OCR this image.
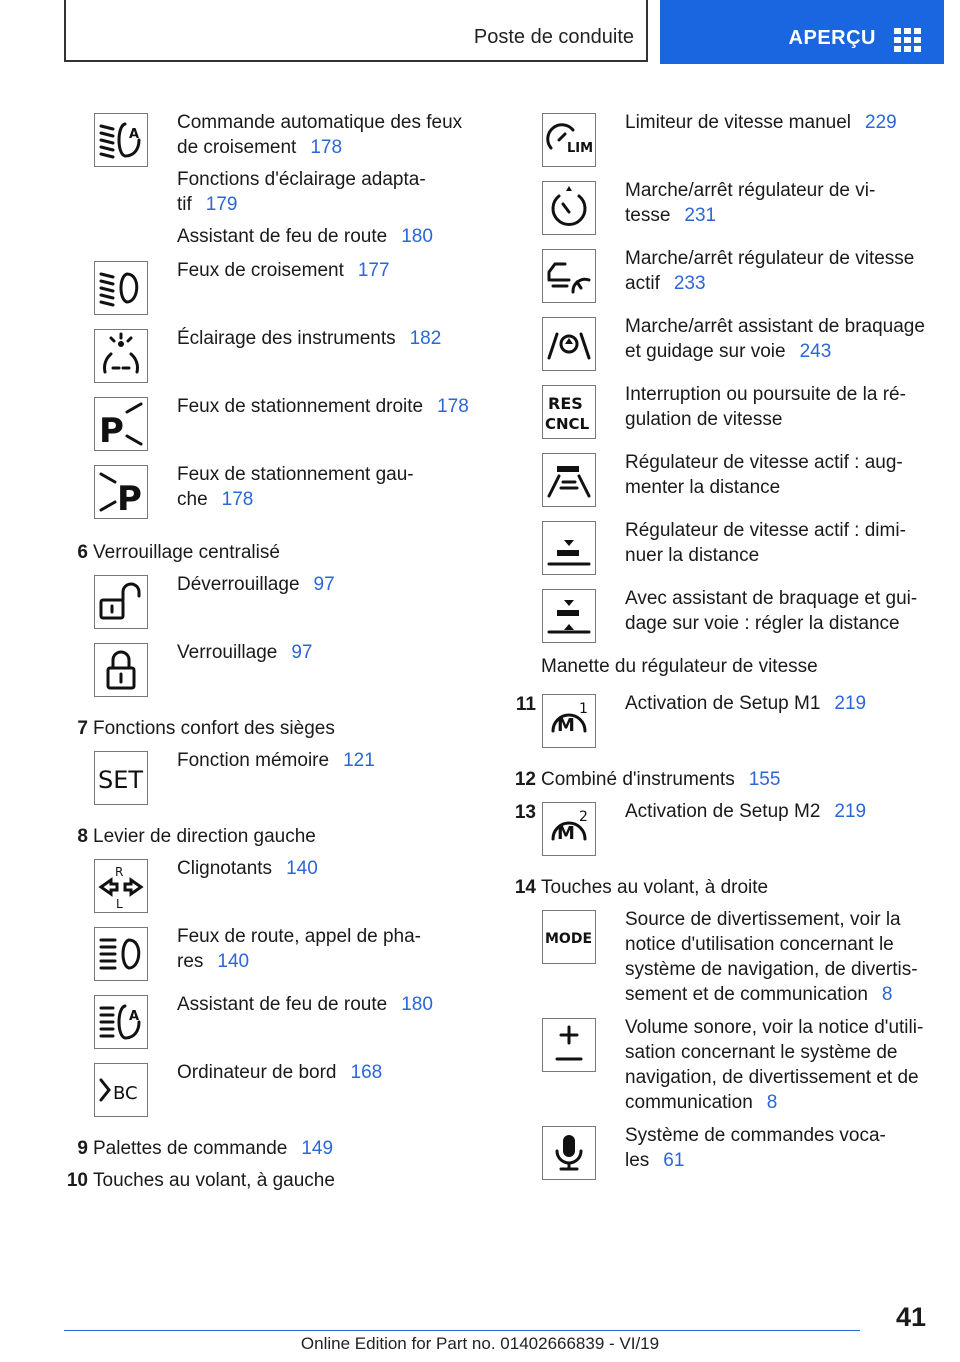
Poste de conduite	APERÇU
A
Commande automatique des feux de croisement 178
Fonctions d'éclairage adapta-tif 179
Assistant de feu de route 180
Feux de croisement 177
Éclairage des instruments 182
P
Feux de stationnement droite 178
P
Feux de stationnement gau-che 178
6 Verrouillage centralisé
Déverrouillage 97
Verrouillage 97
7 Fonctions confort des sièges
SET
Fonction mémoire 121
8 Levier de direction gauche
R
L
Clignotants 140
Feux de route, appel de pha-res 140
A
Assistant de feu de route 180
BC
Ordinateur de bord 168
9 Palettes de commande 149
10 Touches au volant, à gauche
LIM
Limiteur de vitesse manuel 229
Marche/arrêt régulateur de vi-tesse 231
Marche/arrêt régulateur de vitesse actif 233
Marche/arrêt assistant de braquage et guidage sur voie 243
RES
CNCL
Interruption ou poursuite de la ré-gulation de vitesse
Régulateur de vitesse actif : aug-menter la distance
Régulateur de vitesse actif : dimi-nuer la distance
Avec assistant de braquage et gui-dage sur voie : régler la distance
Manette du régulateur de vitesse
11
M
1 Activation de Setup M1 219
12 Combiné d'instruments 155
13
M
2 Activation de Setup M2 219
14 Touches au volant, à droite
MODE
Source de divertissement, voir la notice d'utilisation concernant le système de navigation, de divertis-sement et de communication 8
Volume sonore, voir la notice d'utili-sation concernant le système de navigation, de divertissement et de communication 8
Système de commandes voca-les 61
41
Online Edition for Part no. 01402666839 - VI/19
